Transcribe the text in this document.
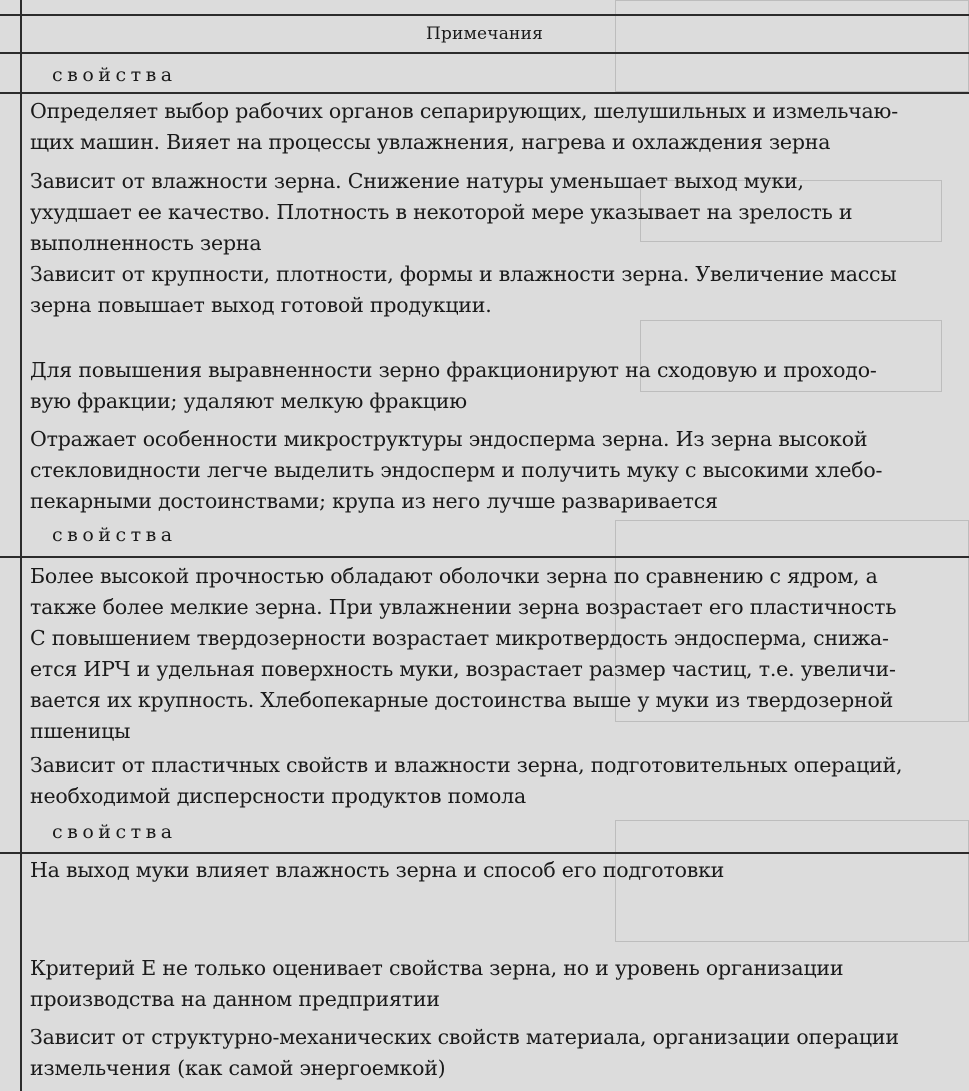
Примечания
свойства
Определяет выбор рабочих органов сепарирующих, шелушильных и измельчаю-
щих машин. Вияет на процессы увлажнения, нагрева и охлаждения зерна
Зависит от влажности зерна. Снижение натуры уменьшает выход муки,
ухудшает ее качество. Плотность в некоторой мере указывает на зрелость и
выполненность зерна
Зависит от крупности, плотности, формы и влажности зерна. Увеличение массы
зерна повышает выход готовой продукции.
Для повышения выравненности зерно фракционируют на сходовую и проходо-
вую фракции; удаляют мелкую фракцию
Отражает особенности микроструктуры эндосперма зерна. Из зерна высокой
стекловидности легче выделить эндосперм и получить муку с высокими хлебо-
пекарными достоинствами; крупа из него лучше разваривается
свойства
Более высокой прочностью обладают оболочки зерна по сравнению с ядром, а
также более мелкие зерна. При увлажнении зерна возрастает его пластичность
С повышением твердозерности возрастает микротвердость эндосперма, снижа-
ется ИРЧ и удельная поверхность муки, возрастает размер частиц, т.е. увеличи-
вается их крупность. Хлебопекарные достоинства выше у муки из твердозерной
пшеницы
Зависит от пластичных свойств и влажности зерна, подготовительных операций,
необходимой дисперсности продуктов помола
свойства
На выход муки влияет влажность зерна и способ его подготовки
Критерий Е не только оценивает свойства зерна, но и уровень организации
производства на данном предприятии
Зависит от структурно-механических свойств материала, организации операции
измельчения (как самой энергоемкой)
